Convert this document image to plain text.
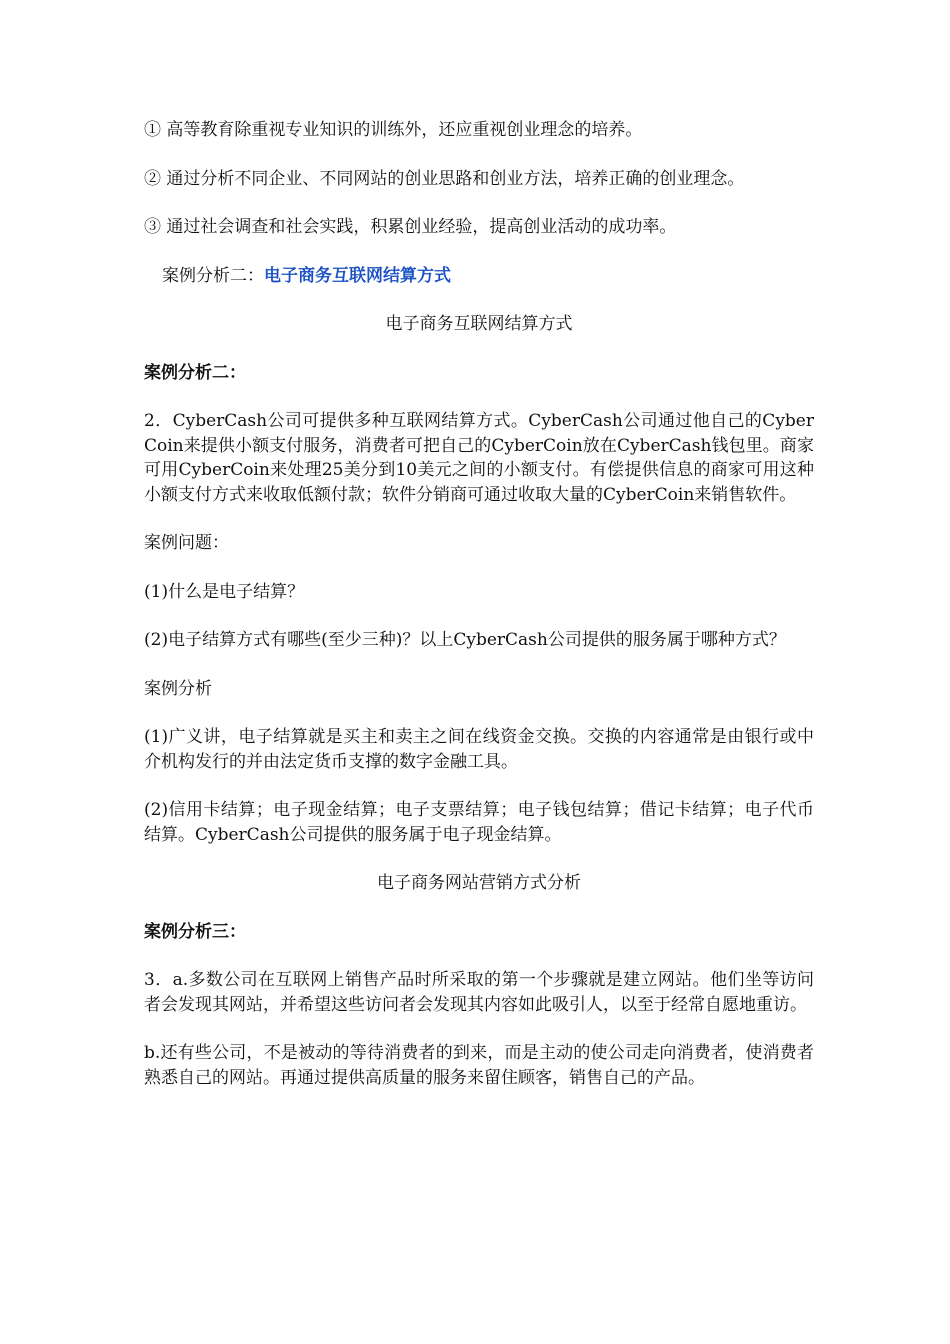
① 高等教育除重视专业知识的训练外，还应重视创业理念的培养。

② 通过分析不同企业、不同网站的创业思路和创业方法，培养正确的创业理念。

③ 通过社会调查和社会实践，积累创业经验，提高创业活动的成功率。

案例分析二：电子商务互联网结算方式

电子商务互联网结算方式

案例分析二：

2．CyberCash公司可提供多种互联网结算方式。CyberCash公司通过他自己的CyberCoin来提供小额支付服务，消费者可把自己的CyberCoin放在CyberCash钱包里。商家可用CyberCoin来处理25美分到10美元之间的小额支付。有偿提供信息的商家可用这种小额支付方式来收取低额付款；软件分销商可通过收取大量的CyberCoin来销售软件。

案例问题：

(1)什么是电子结算？

(2)电子结算方式有哪些(至少三种)？以上CyberCash公司提供的服务属于哪种方式？

案例分析

(1)广义讲，电子结算就是买主和卖主之间在线资金交换。交换的内容通常是由银行或中介机构发行的并由法定货币支撑的数字金融工具。

(2)信用卡结算；电子现金结算；电子支票结算；电子钱包结算；借记卡结算；电子代币结算。CyberCash公司提供的服务属于电子现金结算。

电子商务网站营销方式分析

案例分析三：

3．a.多数公司在互联网上销售产品时所采取的第一个步骤就是建立网站。他们坐等访问者会发现其网站，并希望这些访问者会发现其内容如此吸引人，以至于经常自愿地重访。

b.还有些公司，不是被动的等待消费者的到来，而是主动的使公司走向消费者，使消费者熟悉自己的网站。再通过提供高质量的服务来留住顾客，销售自己的产品。
